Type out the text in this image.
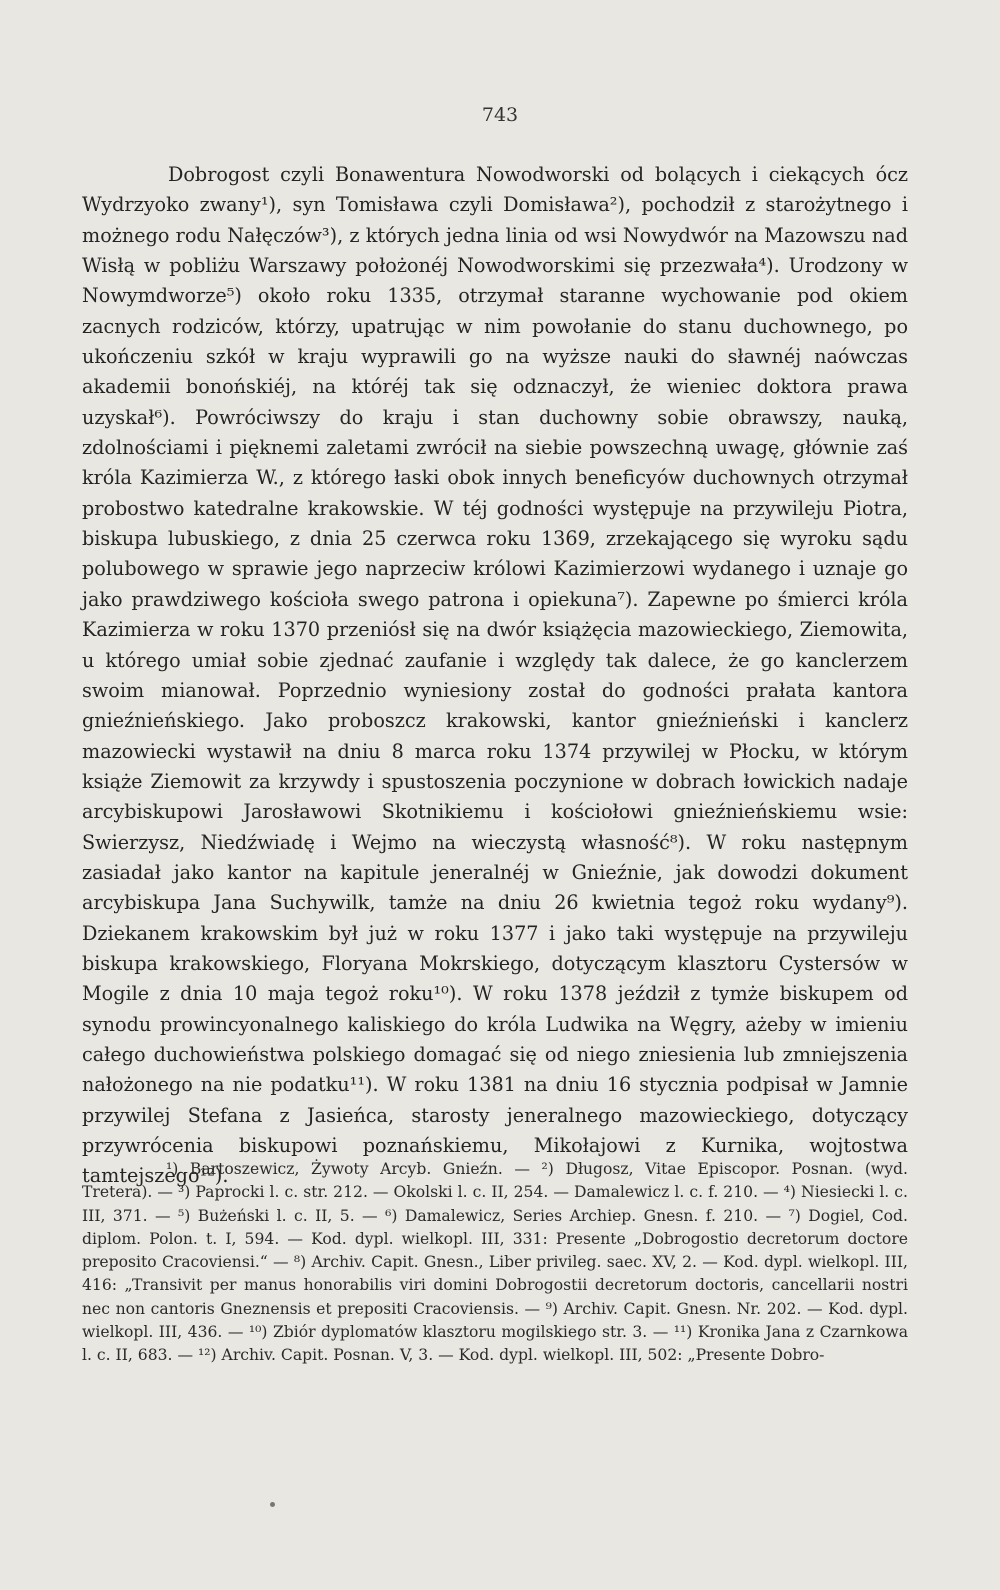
743

Dobrogost czyli Bonawentura Nowodworski od bolących i ciekących ócz Wydrzyoko zwany¹), syn Tomisława czyli Domisława²), pochodził z starożytnego i możnego rodu Nałęczów³), z których jedna linia od wsi Nowydwór na Mazowszu nad Wisłą w pobliżu Warszawy położonéj Nowodworskimi się przezwała⁴). Urodzony w Nowymdworze⁵) około roku 1335, otrzymał staranne wychowanie pod okiem zacnych rodziców, którzy, upatrując w nim powołanie do stanu duchownego, po ukończeniu szkół w kraju wyprawili go na wyższe nauki do sławnéj naówczas akademii bonońskiéj, na któréj tak się odznaczył, że wieniec doktora prawa uzyskał⁶). Powróciwszy do kraju i stan duchowny sobie obrawszy, nauką, zdolnościami i pięknemi zaletami zwrócił na siebie powszechną uwagę, głównie zaś króla Kazimierza W., z którego łaski obok innych beneficyów duchownych otrzymał probostwo katedralne krakowskie. W téj godności występuje na przywileju Piotra, biskupa lubuskiego, z dnia 25 czerwca roku 1369, zrzekającego się wyroku sądu polubowego w sprawie jego naprzeciw królowi Kazimierzowi wydanego i uznaje go jako prawdziwego kościoła swego patrona i opiekuna⁷). Zapewne po śmierci króla Kazimierza w roku 1370 przeniósł się na dwór książęcia mazowieckiego, Ziemowita, u którego umiał sobie zjednać zaufanie i względy tak dalece, że go kanclerzem swoim mianował. Poprzednio wyniesiony został do godności prałata kantora gnieźnieńskiego. Jako proboszcz krakowski, kantor gnieźnieński i kanclerz mazowiecki wystawił na dniu 8 marca roku 1374 przywilej w Płocku, w którym książe Ziemowit za krzywdy i spustoszenia poczynione w dobrach łowickich nadaje arcybiskupowi Jarosławowi Skotnikiemu i kościołowi gnieźnieńskiemu wsie: Swierzysz, Niedźwiadę i Wejmo na wieczystą własność⁸). W roku następnym zasiadał jako kantor na kapitule jeneralnéj w Gnieźnie, jak dowodzi dokument arcybiskupa Jana Suchywilk, tamże na dniu 26 kwietnia tegoż roku wydany⁹). Dziekanem krakowskim był już w roku 1377 i jako taki występuje na przywileju biskupa krakowskiego, Floryana Mokrskiego, dotyczącym klasztoru Cystersów w Mogile z dnia 10 maja tegoż roku¹⁰). W roku 1378 jeździł z tymże biskupem od synodu prowincyonalnego kaliskiego do króla Ludwika na Węgry, ażeby w imieniu całego duchowieństwa polskiego domagać się od niego zniesienia lub zmniejszenia nałożonego na nie podatku¹¹). W roku 1381 na dniu 16 stycznia podpisał w Jamnie przywilej Stefana z Jasieńca, starosty jeneralnego mazowieckiego, dotyczący przywrócenia biskupowi poznańskiemu, Mikołajowi z Kurnika, wojtostwa tamtejszego¹²).

¹) Bartoszewicz, Żywoty Arcyb. Gnieźn. — ²) Długosz, Vitae Episcopor. Posnan. (wyd. Tretera). — ³) Paprocki l. c. str. 212. — Okolski l. c. II, 254. — Damalewicz l. c. f. 210. — ⁴) Niesiecki l. c. III, 371. — ⁵) Bużeński l. c. II, 5. — ⁶) Damalewicz, Series Archiep. Gnesn. f. 210. — ⁷) Dogiel, Cod. diplom. Polon. t. I, 594. — Kod. dypl. wielkopl. III, 331: Presente „Dobrogostio decretorum doctore preposito Cracoviensi.“ — ⁸) Archiv. Capit. Gnesn., Liber privileg. saec. XV, 2. — Kod. dypl. wielkopl. III, 416: „Transivit per manus honorabilis viri domini Dobrogostii decretorum doctoris, cancellarii nostri nec non cantoris Gneznensis et prepositi Cracoviensis. — ⁹) Archiv. Capit. Gnesn. Nr. 202. — Kod. dypl. wielkopl. III, 436. — ¹⁰) Zbiór dyplomatów klasztoru mogilskiego str. 3. — ¹¹) Kronika Jana z Czarnkowa l. c. II, 683. — ¹²) Archiv. Capit. Posnan. V, 3. — Kod. dypl. wielkopl. III, 502: „Presente Dobro-
